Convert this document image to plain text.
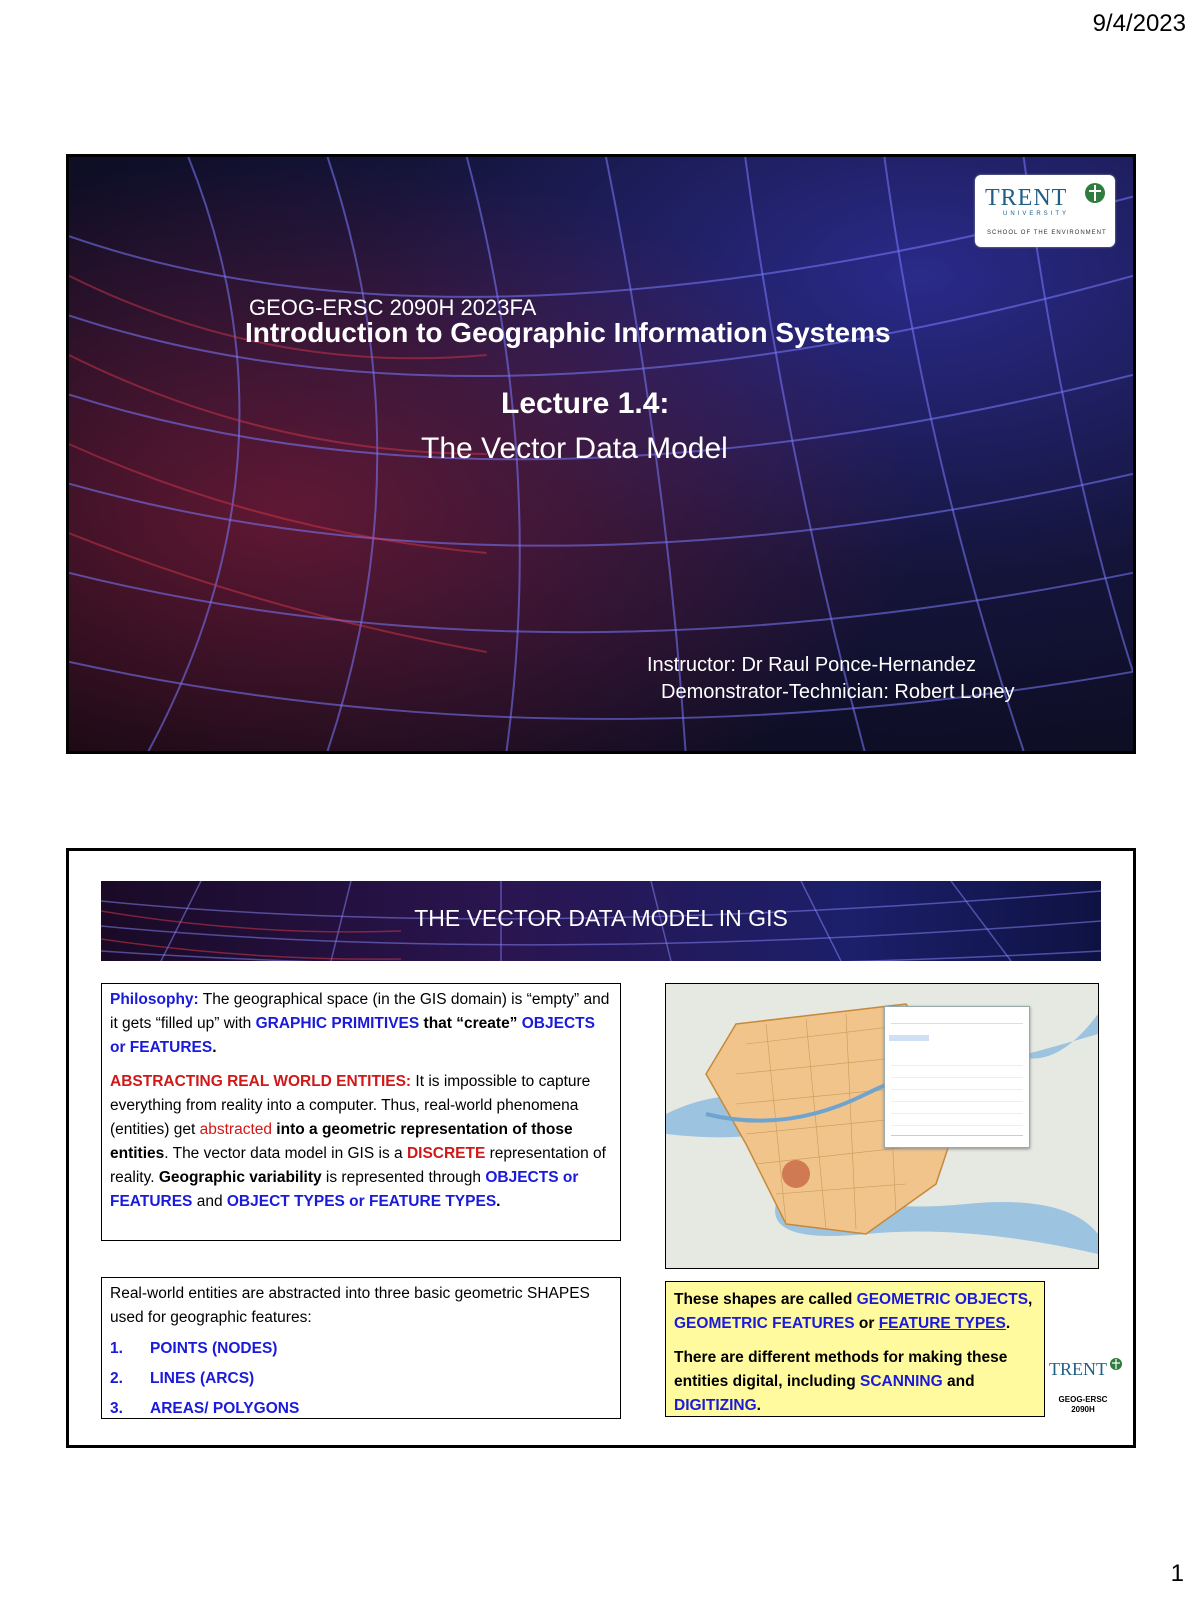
9/4/2023
TRENT
UNIVERSITY
SCHOOL OF THE ENVIRONMENT
GEOG-ERSC 2090H 2023FA
Introduction to Geographic Information Systems
Lecture 1.4:
The Vector Data Model
Instructor: Dr Raul Ponce-Hernandez
Demonstrator-Technician: Robert Loney
THE VECTOR DATA MODEL IN GIS

Philosophy: The geographical space (in the GIS domain) is “empty” and it gets “filled up” with GRAPHIC PRIMITIVES that “create” OBJECTS or FEATURES.

ABSTRACTING REAL WORLD ENTITIES: It is impossible to capture everything from reality into a computer. Thus, real-world phenomena (entities) get abstracted into a geometric representation of those entities. The vector data model in GIS is a DISCRETE representation of reality. Geographic variability is represented through OBJECTS or FEATURES and OBJECT TYPES or FEATURE TYPES.

Real-world entities are abstracted into three basic geometric SHAPES used for geographic features:

1. POINTS (NODES)
2. LINES (ARCS)
3. AREAS/ POLYGONS

These shapes are called GEOMETRIC OBJECTS, GEOMETRIC FEATURES or FEATURE TYPES.

There are different methods for making these entities digital, including SCANNING and DIGITIZING.

TRENT
GEOG-ERSC
2090H
1
